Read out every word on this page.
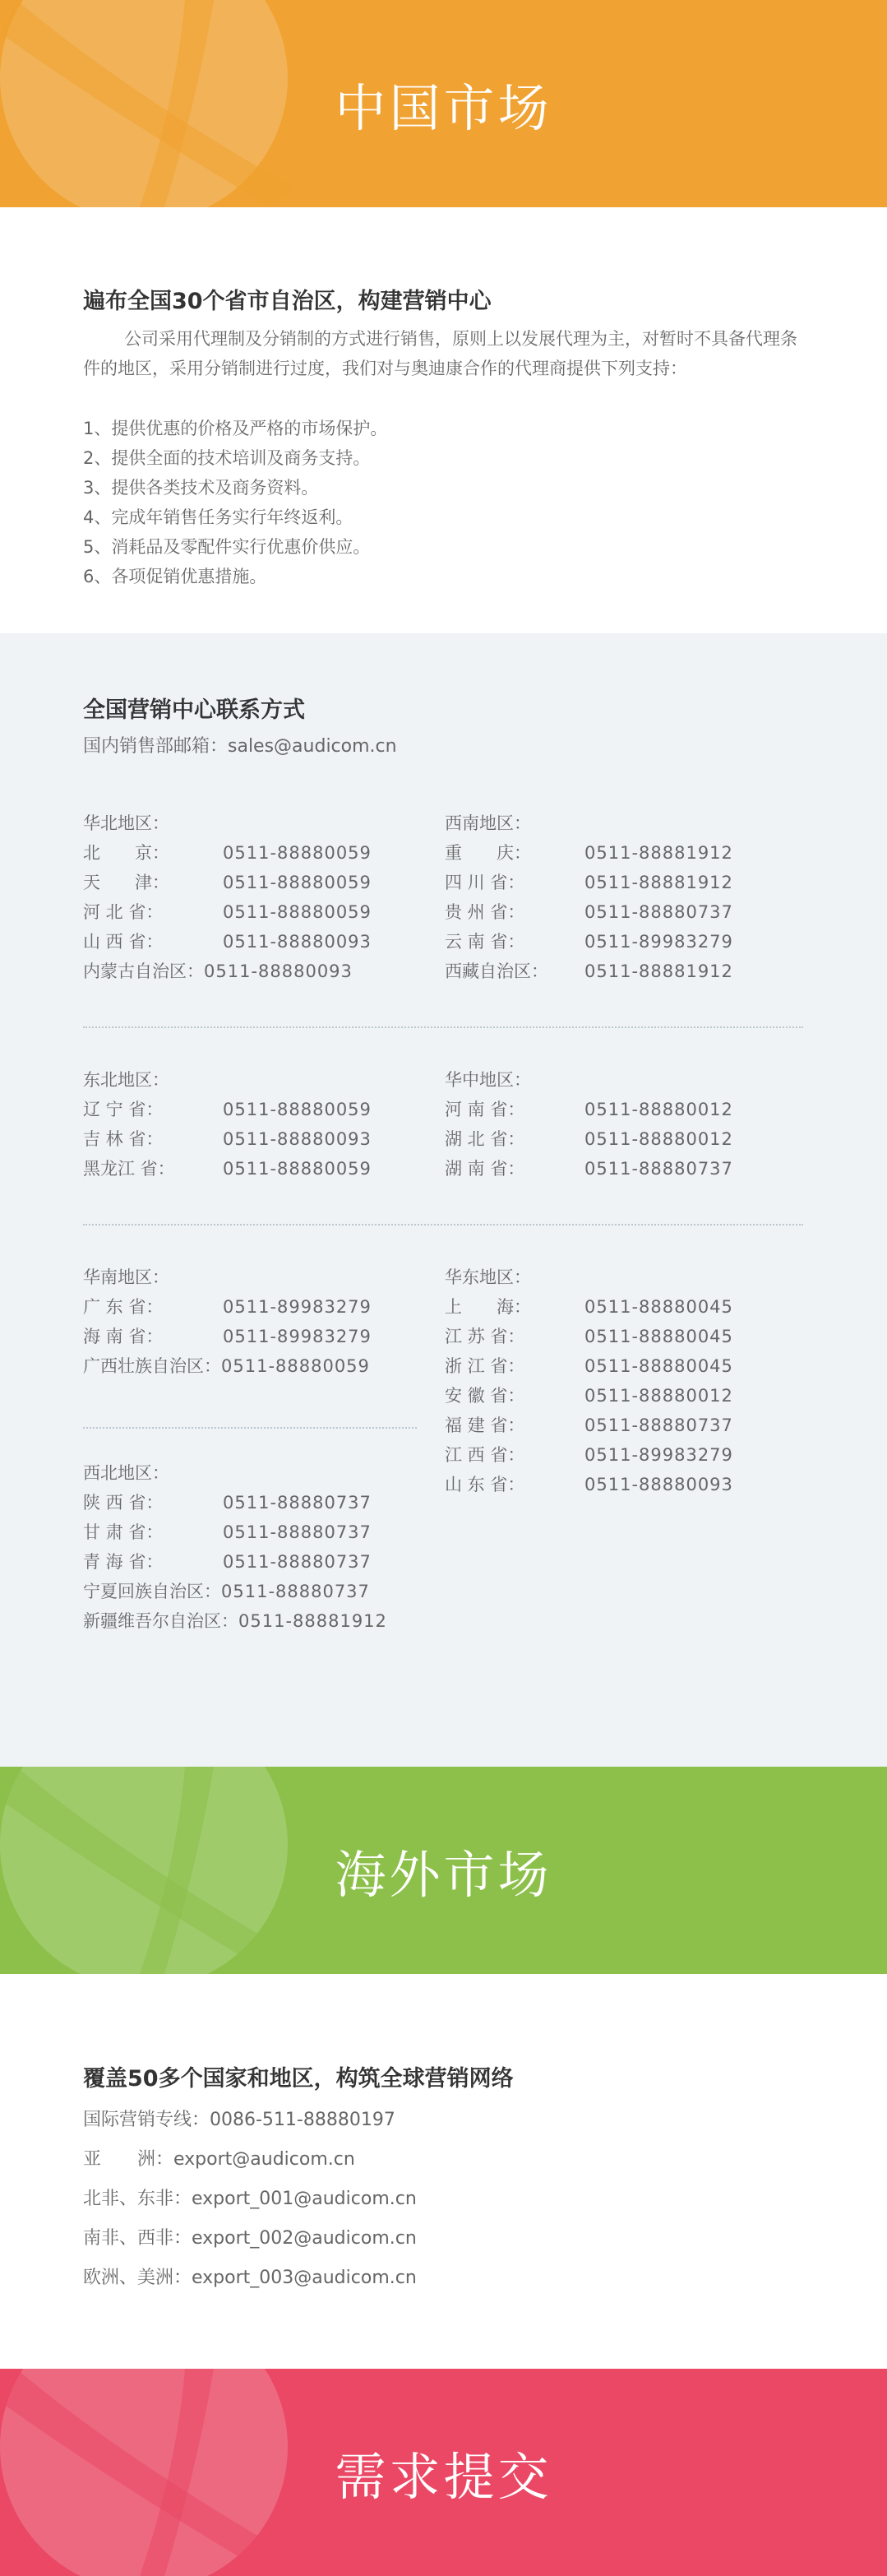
中国市场
遍布全国30个省市自治区，构建营销中心

公司采用代理制及分销制的方式进行销售，原则上以发展代理为主，对暂时不具备代理条件的地区，采用分销制进行过度，我们对与奥迪康合作的代理商提供下列支持：

1、提供优惠的价格及严格的市场保护。
2、提供全面的技术培训及商务支持。
3、提供各类技术及商务资料。
4、完成年销售任务实行年终返利。
5、消耗品及零配件实行优惠价供应。
6、各项促销优惠措施。
全国营销中心联系方式
国内销售部邮箱：sales@audicom.cn
华北地区：
北　　京：	0511-88880059
天　　津：	0511-88880059
河 北 省：	0511-88880059
山 西 省：	0511-88880093
内蒙古自治区： 0511-88880093
西南地区：
重　　庆：	0511-88881912
四 川 省：	0511-88881912
贵 州 省：	0511-88880737
云 南 省：	0511-89983279
西藏自治区：	0511-88881912
东北地区：
辽 宁 省：	0511-88880059
吉 林 省：	0511-88880093
黑龙江 省：	0511-88880059
华中地区：
河 南 省：	0511-88880012
湖 北 省：	0511-88880012
湖 南 省：	0511-88880737
华南地区：
广 东 省：	0511-89983279
海 南 省：	0511-89983279
广西壮族自治区： 0511-88880059
华东地区：
上　　海：	0511-88880045
江 苏 省：	0511-88880045
浙 江 省：	0511-88880045
安 徽 省：	0511-88880012
福 建 省：	0511-88880737
江 西 省：	0511-89983279
山 东 省：	0511-88880093
西北地区：
陕 西 省：	0511-88880737
甘 肃 省：	0511-88880737
青 海 省：	0511-88880737
宁夏回族自治区： 0511-88880737
新疆维吾尔自治区： 0511-88881912
海外市场
覆盖50多个国家和地区，构筑全球营销网络
国际营销专线：0086-511-88880197
亚　　洲：export@audicom.cn
北非、东非：export_001@audicom.cn
南非、西非：export_002@audicom.cn
欧洲、美洲：export_003@audicom.cn
需求提交
